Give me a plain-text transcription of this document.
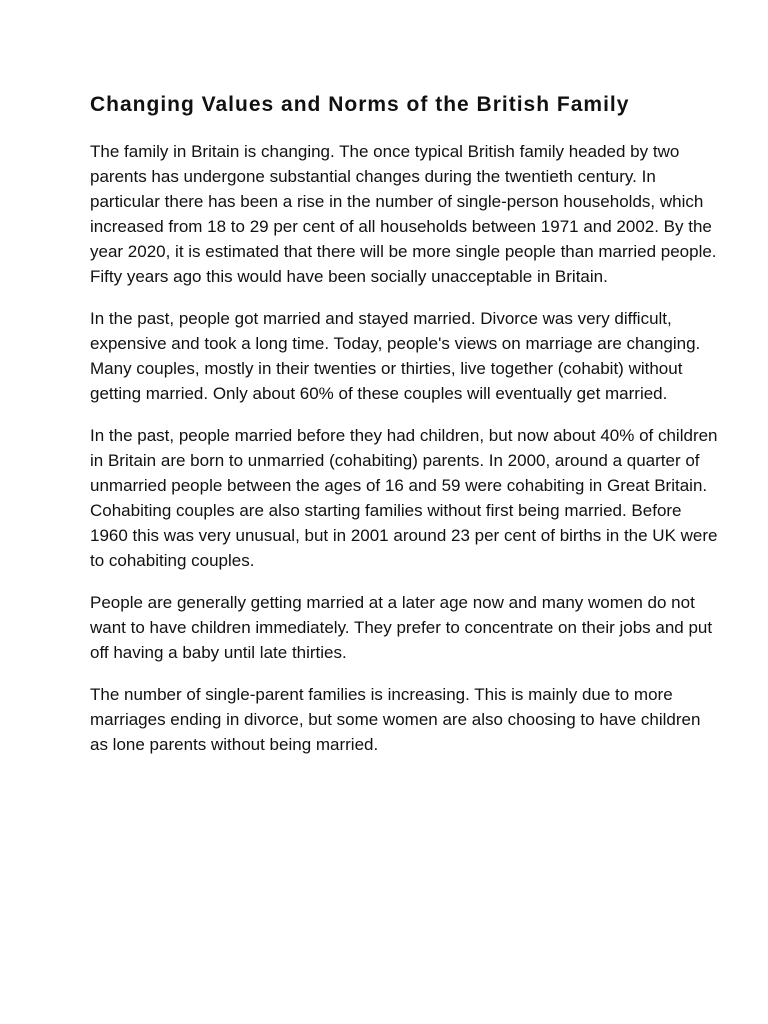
Changing Values and Norms of the British Family

The family in Britain is changing. The once typical British family headed by two parents has undergone substantial changes during the twentieth century. In particular there has been a rise in the number of single-person households, which increased from 18 to 29 per cent of all households between 1971 and 2002. By the year 2020, it is estimated that there will be more single people than married people. Fifty years ago this would have been socially unacceptable in Britain.

In the past, people got married and stayed married. Divorce was very difficult, expensive and took a long time. Today, people's views on marriage are changing. Many couples, mostly in their twenties or thirties, live together (cohabit) without getting married. Only about 60% of these couples will eventually get married.

In the past, people married before they had children, but now about 40% of children in Britain are born to unmarried (cohabiting) parents. In 2000, around a quarter of unmarried people between the ages of 16 and 59 were cohabiting in Great Britain. Cohabiting couples are also starting families without first being married. Before 1960 this was very unusual, but in 2001 around 23 per cent of births in the UK were to cohabiting couples.

People are generally getting married at a later age now and many women do not want to have children immediately. They prefer to concentrate on their jobs and put off having a baby until late thirties.

The number of single-parent families is increasing. This is mainly due to more marriages ending in divorce, but some women are also choosing to have children as lone parents without being married.
